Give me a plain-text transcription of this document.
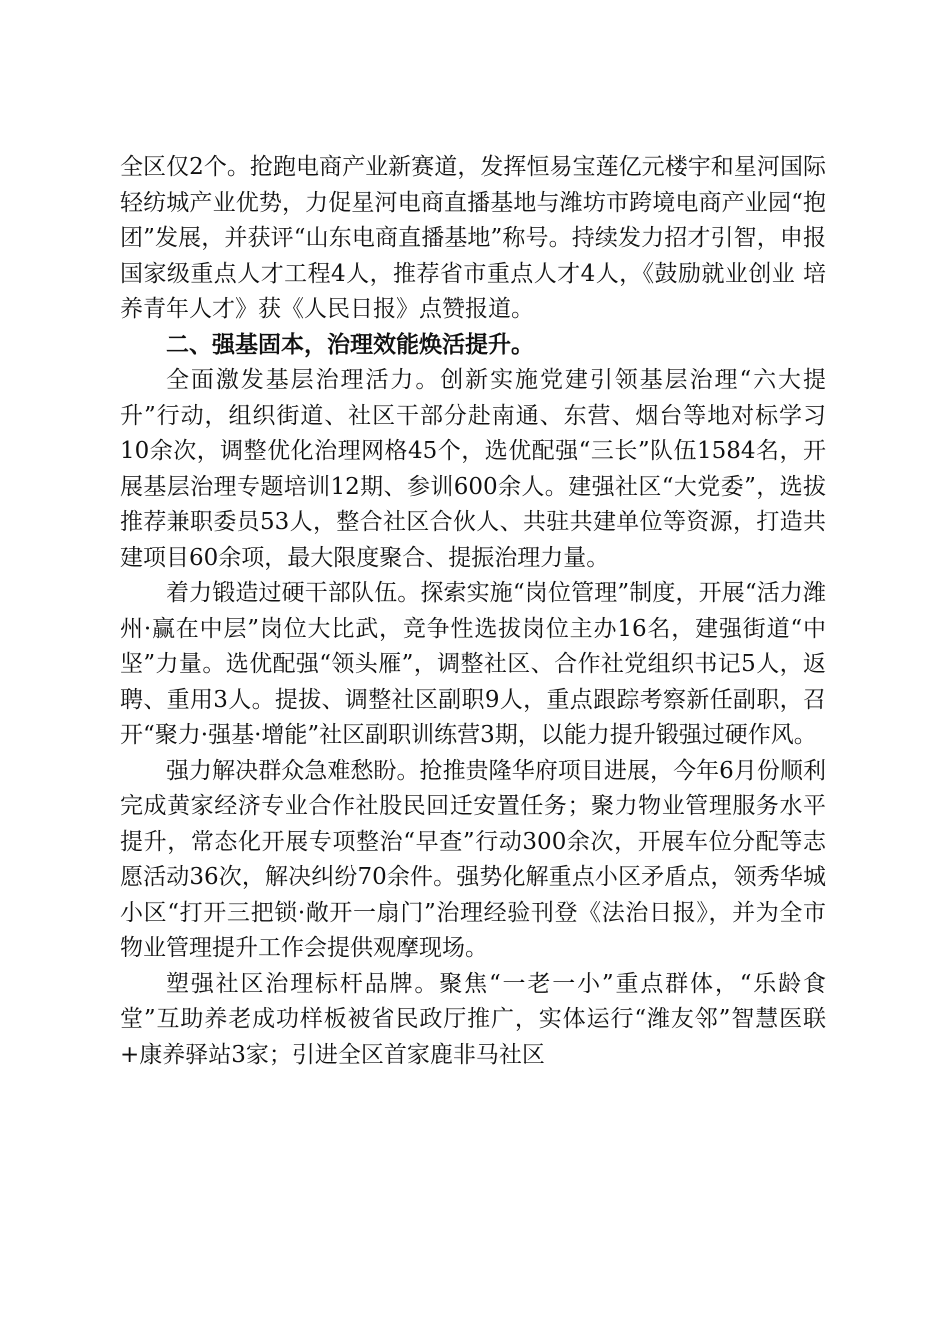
全区仅2个。抢跑电商产业新赛道，发挥恒易宝莲亿元楼宇和星河国际轻纺城产业优势，力促星河电商直播基地与潍坊市跨境电商产业园“抱团”发展，并获评“山东电商直播基地”称号。持续发力招才引智，申报国家级重点人才工程4人，推荐省市重点人才4人，《鼓励就业创业 培养青年人才》获《人民日报》点赞报道。

二、强基固本，治理效能焕活提升。

全面激发基层治理活力。创新实施党建引领基层治理“六大提升”行动，组织街道、社区干部分赴南通、东营、烟台等地对标学习10余次，调整优化治理网格45个，选优配强“三长”队伍1584名，开展基层治理专题培训12期、参训600余人。建强社区“大党委”，选拔推荐兼职委员53人，整合社区合伙人、共驻共建单位等资源，打造共建项目60余项，最大限度聚合、提振治理力量。

着力锻造过硬干部队伍。探索实施“岗位管理”制度，开展“活力潍州·赢在中层”岗位大比武，竞争性选拔岗位主办16名，建强街道“中坚”力量。选优配强“领头雁”，调整社区、合作社党组织书记5人，返聘、重用3人。提拔、调整社区副职9人，重点跟踪考察新任副职，召开“聚力·强基·增能”社区副职训练营3期，以能力提升锻强过硬作风。

强力解决群众急难愁盼。抢推贵隆华府项目进展，今年6月份顺利完成黄家经济专业合作社股民回迁安置任务；聚力物业管理服务水平提升，常态化开展专项整治“早查”行动300余次，开展车位分配等志愿活动36次，解决纠纷70余件。强势化解重点小区矛盾点，领秀华城小区“打开三把锁·敞开一扇门”治理经验刊登《法治日报》，并为全市物业管理提升工作会提供观摩现场。

塑强社区治理标杆品牌。聚焦“一老一小”重点群体，“乐龄食堂”互助养老成功样板被省民政厅推广，实体运行“潍友邻”智慧医联+康养驿站3家；引进全区首家鹿非马社区
